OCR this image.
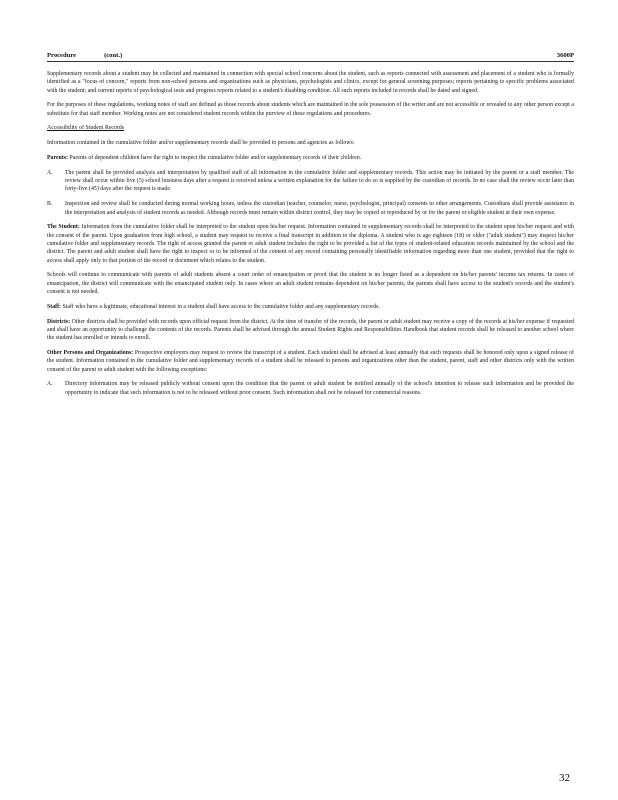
Procedure	(cont.)	3600P

Supplementary records about a student may be collected and maintained in connection with special school concerns about the student, such as reports connected with assessment and placement of a student who is formally identified as a "focus of concern," reports from non-school persons and organizations such as physicians, psychologists and clinics, except for general screening purposes; reports pertaining to specific problems associated with the student; and current reports of psychological tests and progress reports related to a student's disabling condition. All such reports included in records shall be dated and signed.

For the purposes of these regulations, working notes of staff are defined as those records about students which are maintained in the sole possession of the writer and are not accessible or revealed to any other person except a substitute for that staff member. Working notes are not considered student records within the purview of these regulations and procedures.

Accessibility of Student Records

Information contained in the cumulative folder and/or supplementary records shall be provided to persons and agencies as follows:

Parents: Parents of dependent children have the right to inspect the cumulative folder and/or supplementary records of their children.

A.	The parent shall be provided analysis and interpretation by qualified staff of all information in the cumulative folder and supplementary records. This action may be initiated by the parent or a staff member. The review shall occur within five (5) school business days after a request is received unless a written explanation for the failure to do so is supplied by the custodian of records. In no case shall the review occur later than forty-five (45) days after the request is made.

B.	Inspection and review shall be conducted during normal working hours, unless the custodian (teacher, counselor, nurse, psychologist, principal) consents to other arrangements. Custodians shall provide assistance in the interpretation and analysis of student records as needed. Although records must remain within district control, they may be copied or reproduced by or for the parent or eligible student at their own expense.

The Student: Information from the cumulative folder shall be interpreted to the student upon his/her request. Information contained in supplementary records shall be interpreted to the student upon his/her request and with the consent of the parent. Upon graduation from high school, a student may request to receive a final transcript in addition to the diploma. A student who is age eighteen (18) or older ("adult student") may inspect his/her cumulative folder and supplementary records. The right of access granted the parent or adult student includes the right to be provided a list of the types of student-related education records maintained by the school and the district. The parent and adult student shall have the right to inspect or to be informed of the content of any record containing personally identifiable information regarding more than one student, provided that the right to access shall apply only to that portion of the record or document which relates to the student.

Schools will continue to communicate with parents of adult students absent a court order of emancipation or proof that the student is no longer listed as a dependent on his/her parents' income tax returns. In cases of emancipation, the district will communicate with the emancipated student only. In cases where an adult student remains dependent on his/her parents, the parents shall have access to the student's records and the student's consent is not needed.

Staff: Staff who have a legitimate, educational interest in a student shall have access to the cumulative folder and any supplementary records.

Districts: Other districts shall be provided with records upon official request from the district. At the time of transfer of the records, the parent or adult student may receive a copy of the records at his/her expense if requested and shall have an opportunity to challenge the contents of the records. Parents shall be advised through the annual Student Rights and Responsibilities Handbook that student records shall be released to another school where the student has enrolled or intends to enroll.

Other Persons and Organizations: Prospective employers may request to review the transcript of a student. Each student shall be advised at least annually that such requests shall be honored only upon a signed release of the student. Information contained in the cumulative folder and supplementary records of a student shall be released to persons and organizations other than the student, parent, staff and other districts only with the written consent of the parent or adult student with the following exceptions:

A.	Directory information may be released publicly without consent upon the condition that the parent or adult student be notified annually of the school's intention to release such information and be provided the opportunity to indicate that such information is not to be released without prior consent. Such information shall not be released for commercial reasons.

32
